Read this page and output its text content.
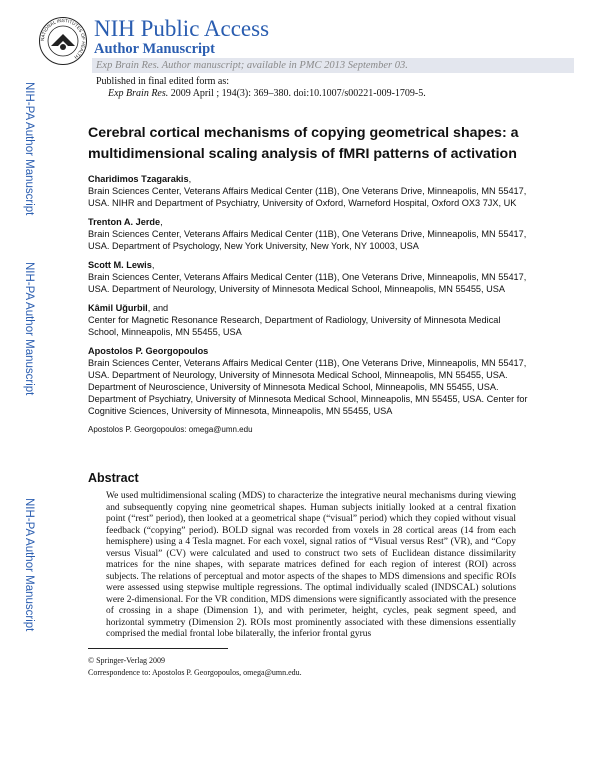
NATIONAL INSTITUTES OF HEALTH
NIH Public Access
Author Manuscript
Exp Brain Res. Author manuscript; available in PMC 2013 September 03.
Published in final edited form as:
Exp Brain Res. 2009 April ; 194(3): 369–380. doi:10.1007/s00221-009-1709-5.
NIH-PA Author Manuscript
NIH-PA Author Manuscript
NIH-PA Author Manuscript
Cerebral cortical mechanisms of copying geometrical shapes: a multidimensional scaling analysis of fMRI patterns of activation
Charidimos Tzagarakis,
Brain Sciences Center, Veterans Affairs Medical Center (11B), One Veterans Drive, Minneapolis, MN 55417, USA. NIHR and Department of Psychiatry, University of Oxford, Warneford Hospital, Oxford OX3 7JX, UK
Trenton A. Jerde,
Brain Sciences Center, Veterans Affairs Medical Center (11B), One Veterans Drive, Minneapolis, MN 55417, USA. Department of Psychology, New York University, New York, NY 10003, USA
Scott M. Lewis,
Brain Sciences Center, Veterans Affairs Medical Center (11B), One Veterans Drive, Minneapolis, MN 55417, USA. Department of Neurology, University of Minnesota Medical School, Minneapolis, MN 55455, USA
Kâmil Uğurbil, and
Center for Magnetic Resonance Research, Department of Radiology, University of Minnesota Medical School, Minneapolis, MN 55455, USA
Apostolos P. Georgopoulos
Brain Sciences Center, Veterans Affairs Medical Center (11B), One Veterans Drive, Minneapolis, MN 55417, USA. Department of Neurology, University of Minnesota Medical School, Minneapolis, MN 55455, USA. Department of Neuroscience, University of Minnesota Medical School, Minneapolis, MN 55455, USA. Department of Psychiatry, University of Minnesota Medical School, Minneapolis, MN 55455, USA. Center for Cognitive Sciences, University of Minnesota, Minneapolis, MN 55455, USA
Apostolos P. Georgopoulos: omega@umn.edu
Abstract
We used multidimensional scaling (MDS) to characterize the integrative neural mechanisms during viewing and subsequently copying nine geometrical shapes. Human subjects initially looked at a central fixation point (“rest” period), then looked at a geometrical shape (“visual” period) which they copied without visual feedback (“copying” period). BOLD signal was recorded from voxels in 28 cortical areas (14 from each hemisphere) using a 4 Tesla magnet. For each voxel, signal ratios of “Visual versus Rest” (VR), and “Copy versus Visual” (CV) were calculated and used to construct two sets of Euclidean distance dissimilarity matrices for the nine shapes, with separate matrices defined for each region of interest (ROI) across subjects. The relations of perceptual and motor aspects of the shapes to MDS dimensions and specific ROIs were assessed using stepwise multiple regressions. The optimal individually scaled (INDSCAL) solutions were 2-dimensional. For the VR condition, MDS dimensions were significantly associated with the presence of crossing in a shape (Dimension 1), and with perimeter, height, cycles, peak segment speed, and horizontal symmetry (Dimension 2). ROIs most prominently associated with these dimensions essentially comprised the medial frontal lobe bilaterally, the inferior frontal gyrus
© Springer-Verlag 2009
Correspondence to: Apostolos P. Georgopoulos, omega@umn.edu.
